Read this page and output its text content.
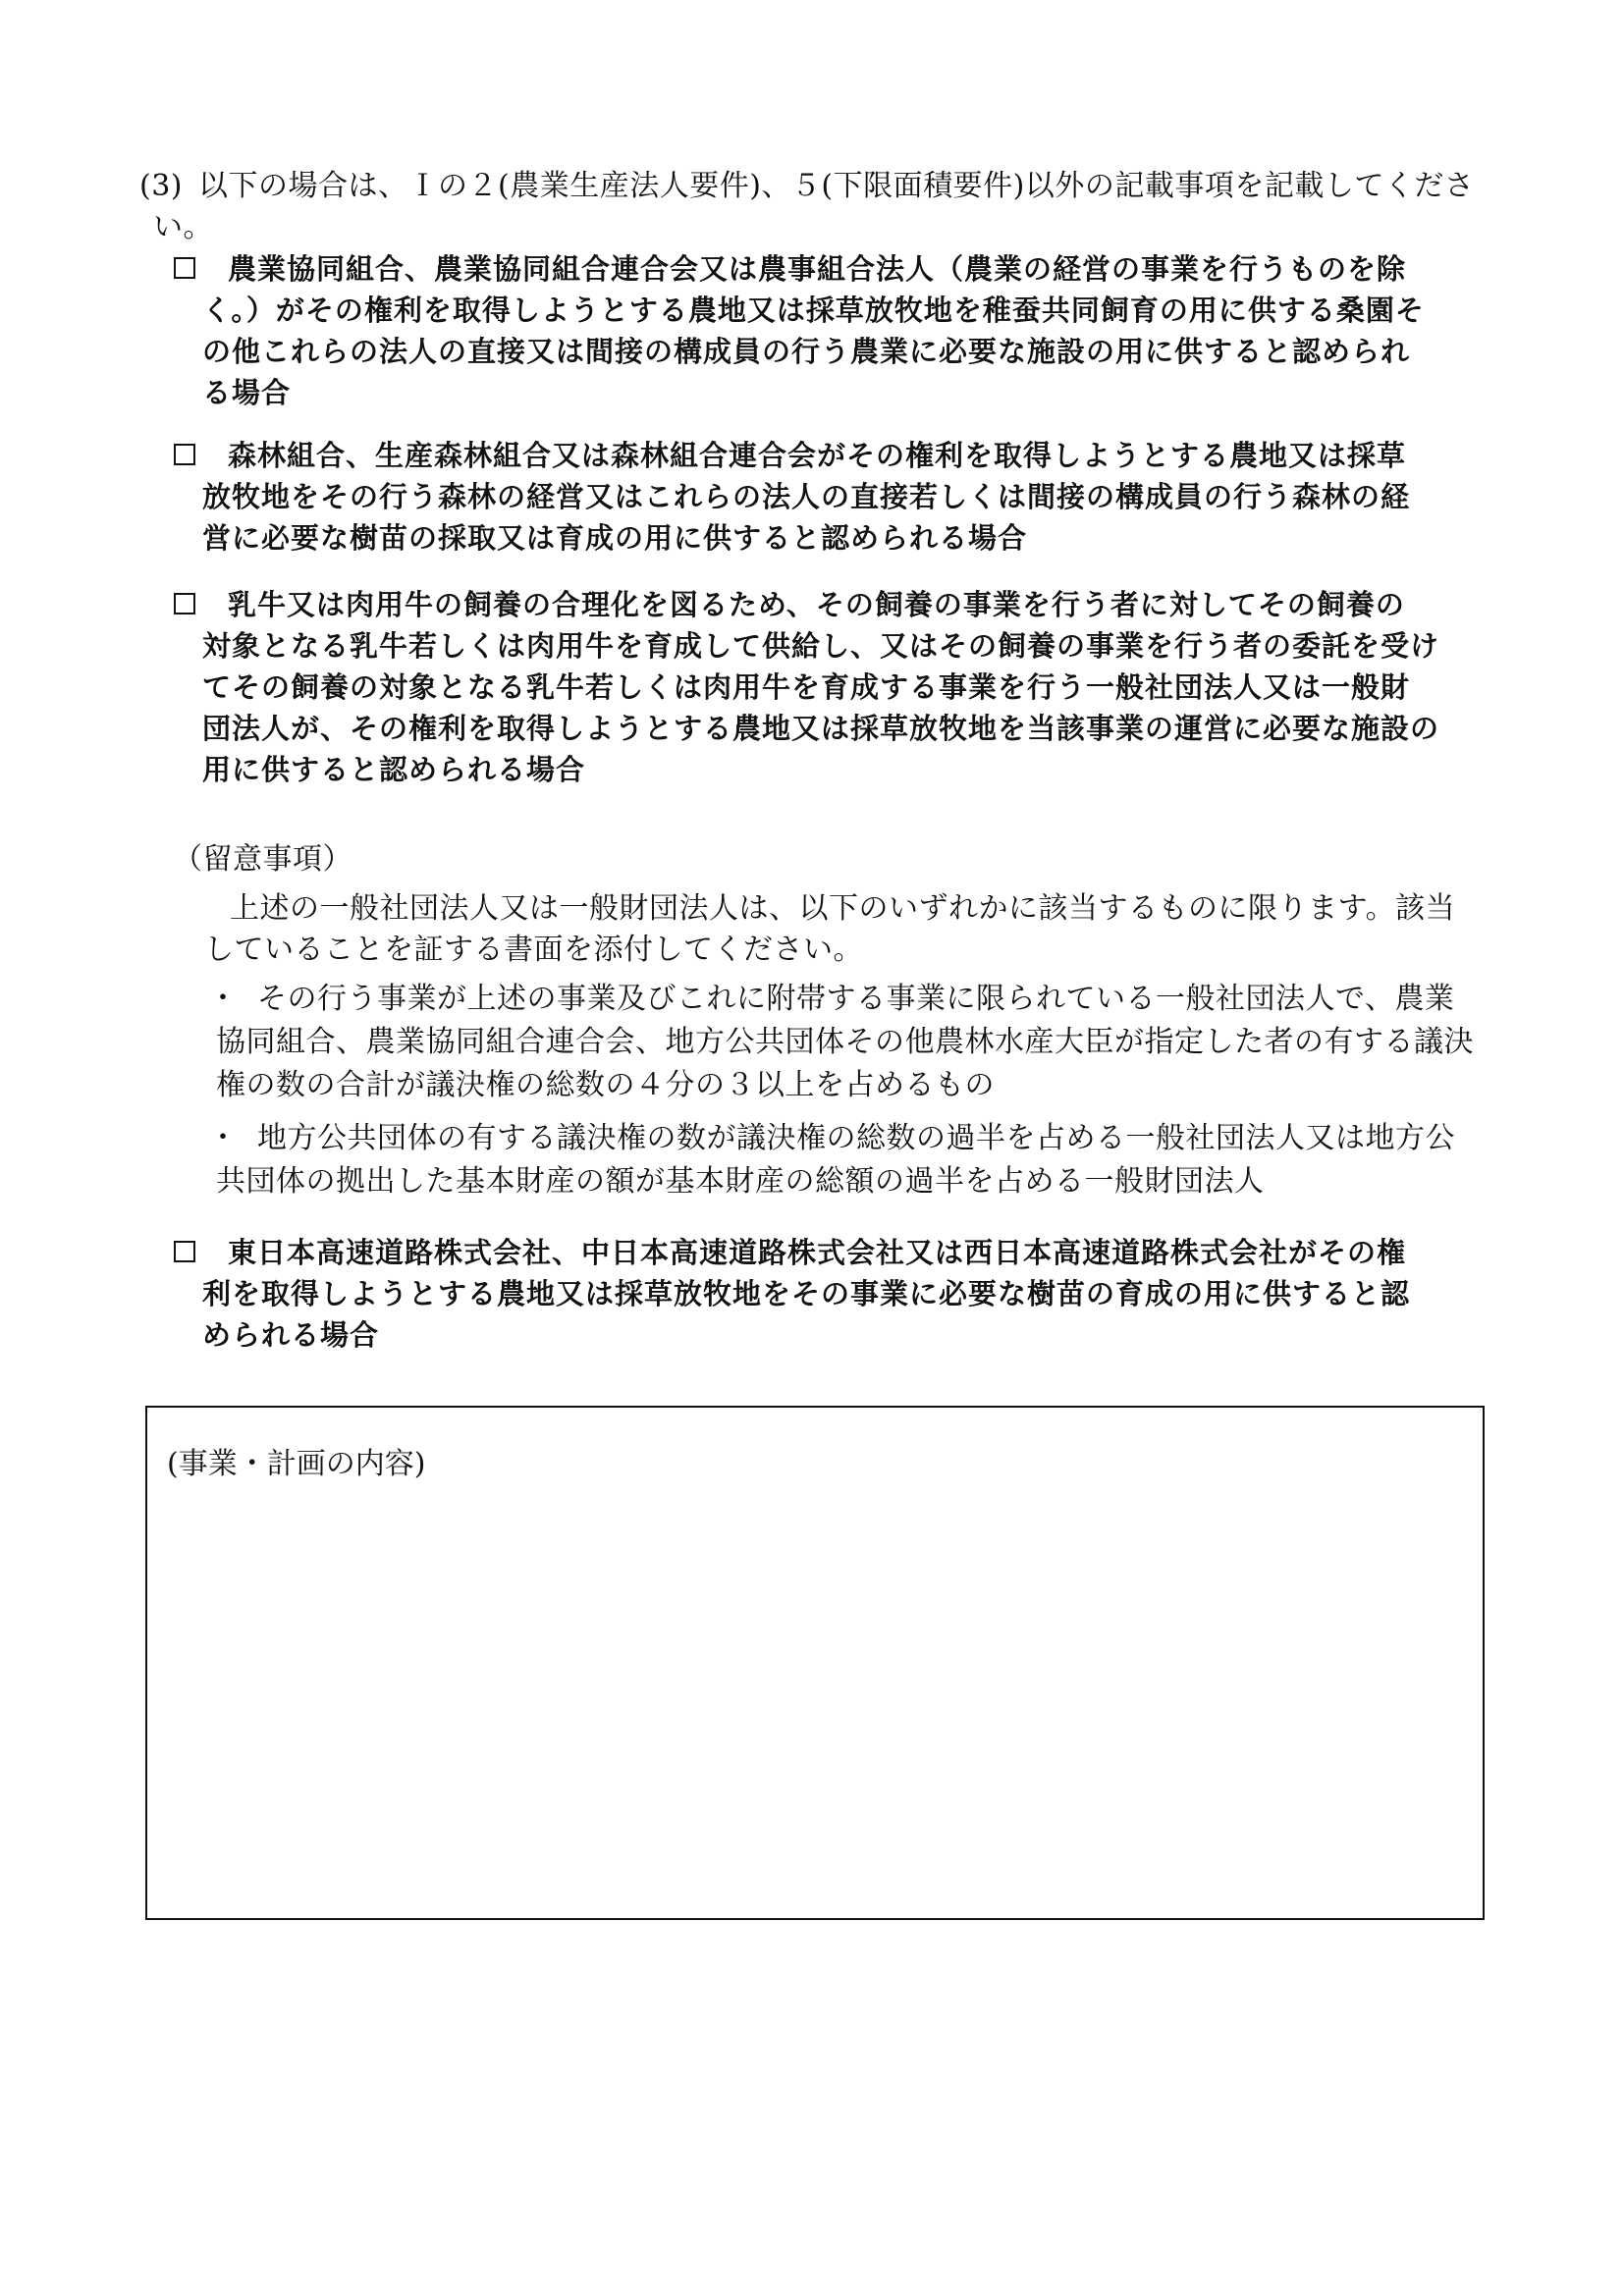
(3) 以下の場合は、Ｉの２(農業生産法人要件)、５(下限面積要件)以外の記載事項を記載してくださ
い。
農業協同組合、農業協同組合連合会又は農事組合法人（農業の経営の事業を行うものを除
く。）がその権利を取得しようとする農地又は採草放牧地を稚蚕共同飼育の用に供する桑園そ
の他これらの法人の直接又は間接の構成員の行う農業に必要な施設の用に供すると認められ
る場合
森林組合、生産森林組合又は森林組合連合会がその権利を取得しようとする農地又は採草
放牧地をその行う森林の経営又はこれらの法人の直接若しくは間接の構成員の行う森林の経
営に必要な樹苗の採取又は育成の用に供すると認められる場合
乳牛又は肉用牛の飼養の合理化を図るため、その飼養の事業を行う者に対してその飼養の
対象となる乳牛若しくは肉用牛を育成して供給し、又はその飼養の事業を行う者の委託を受け
てその飼養の対象となる乳牛若しくは肉用牛を育成する事業を行う一般社団法人又は一般財
団法人が、その権利を取得しようとする農地又は採草放牧地を当該事業の運営に必要な施設の
用に供すると認められる場合
（留意事項）
上述の一般社団法人又は一般財団法人は、以下のいずれかに該当するものに限ります。該当
していることを証する書面を添付してください。
・ その行う事業が上述の事業及びこれに附帯する事業に限られている一般社団法人で、農業
協同組合、農業協同組合連合会、地方公共団体その他農林水産大臣が指定した者の有する議決
権の数の合計が議決権の総数の４分の３以上を占めるもの
・ 地方公共団体の有する議決権の数が議決権の総数の過半を占める一般社団法人又は地方公
共団体の拠出した基本財産の額が基本財産の総額の過半を占める一般財団法人
東日本高速道路株式会社、中日本高速道路株式会社又は西日本高速道路株式会社がその権
利を取得しようとする農地又は採草放牧地をその事業に必要な樹苗の育成の用に供すると認
められる場合
(事業・計画の内容)
